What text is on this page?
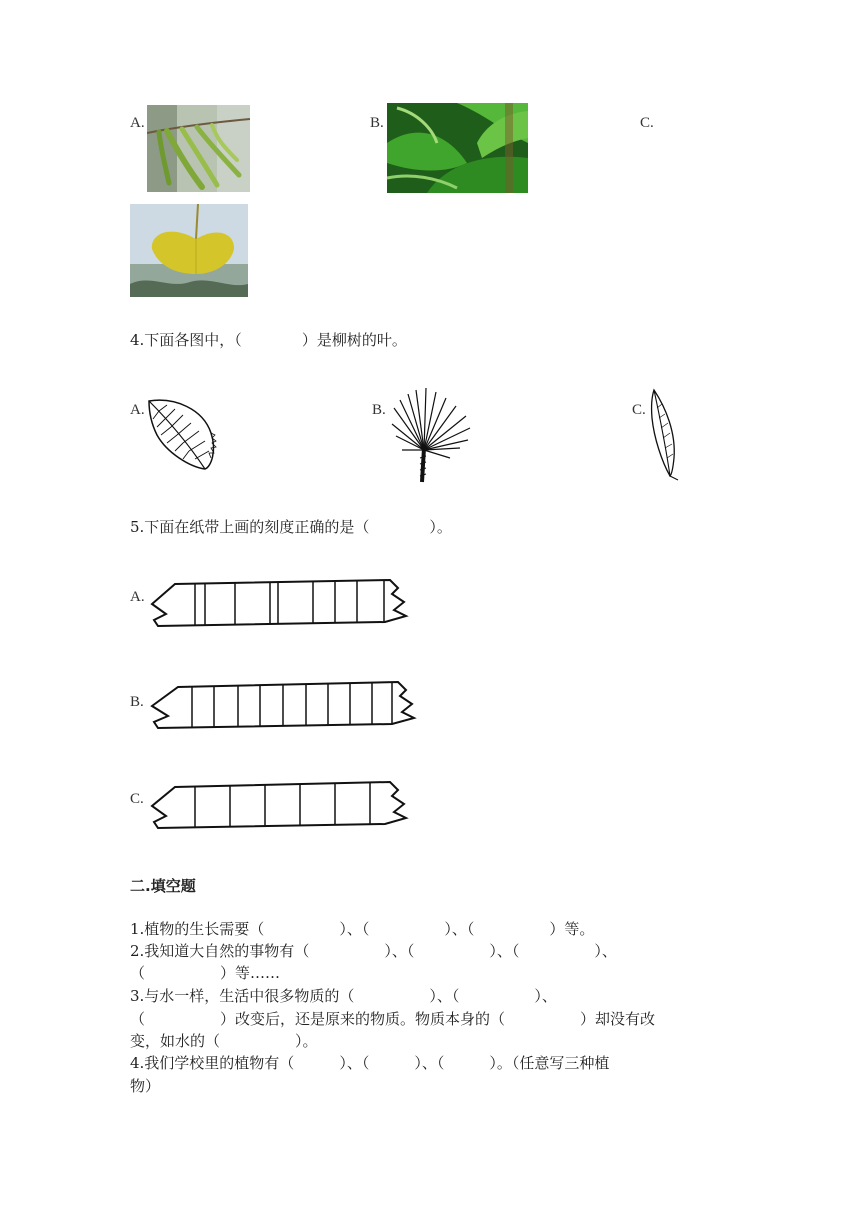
A.	B.	C.
4.下面各图中，（　　　　）是柳树的叶。
A.	B.	C.
5.下面在纸带上画的刻度正确的是（　　　　）。
A.
B.
C.
二.填空题
1.植物的生长需要（　　　　　）、（　　　　　）、（　　　　　）等。
2.我知道大自然的事物有（　　　　　）、（　　　　　）、（　　　　　）、
（　　　　　）等……
3.与水一样，生活中很多物质的（　　　　　）、（　　　　　）、
（　　　　　）改变后，还是原来的物质。物质本身的（　　　　　）却没有改
变，如水的（　　　　　）。
4.我们学校里的植物有（　　　）、（　　　）、（　　　）。（任意写三种植
物）
